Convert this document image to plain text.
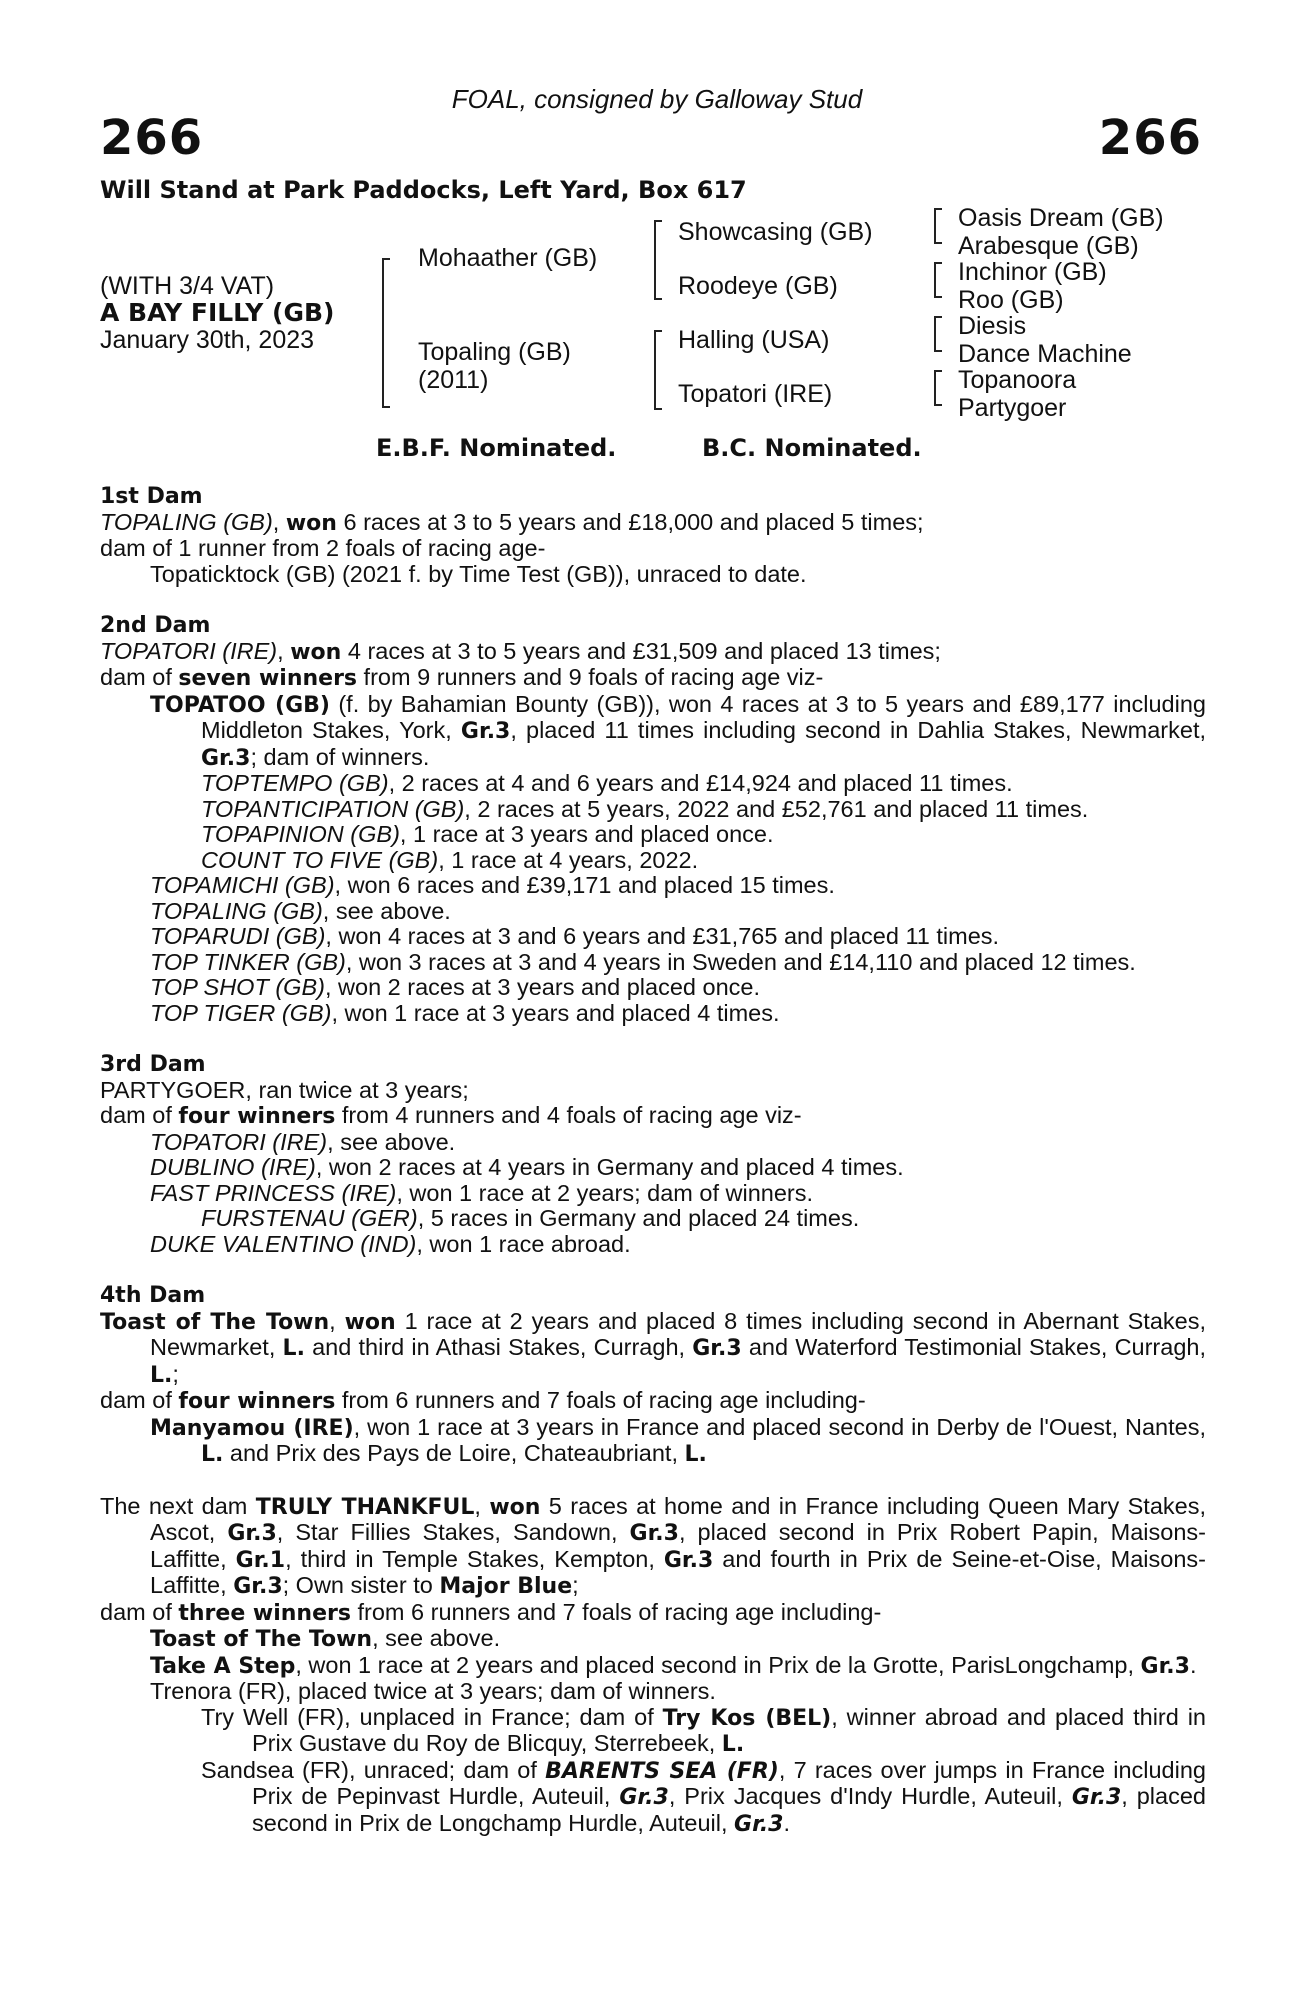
FOAL, consigned by Galloway Stud
266	266
Will Stand at Park Paddocks, Left Yard, Box 617
(WITH 3/4 VAT)
A BAY FILLY (GB)
January 30th, 2023
Mohaather (GB)
Topaling (GB)
(2011)
Showcasing (GB)
Roodeye (GB)
Halling (USA)
Topatori (IRE)
Oasis Dream (GB)
Arabesque (GB)
Inchinor (GB)
Roo (GB)
Diesis
Dance Machine
Topanoora
Partygoer
E.B.F. Nominated.	B.C. Nominated.

1st Dam

TOPALING (GB), won 6 races at 3 to 5 years and £18,000 and placed 5 times;

dam of 1 runner from 2 foals of racing age-

Topaticktock (GB) (2021 f. by Time Test (GB)), unraced to date.

2nd Dam

TOPATORI (IRE), won 4 races at 3 to 5 years and £31,509 and placed 13 times;

dam of seven winners from 9 runners and 9 foals of racing age viz-

TOPATOO (GB) (f. by Bahamian Bounty (GB)), won 4 races at 3 to 5 years and £89,177 including Middleton Stakes, York, Gr.3, placed 11 times including second in Dahlia Stakes, Newmarket, Gr.3; dam of winners.

TOPTEMPO (GB), 2 races at 4 and 6 years and £14,924 and placed 11 times.

TOPANTICIPATION (GB), 2 races at 5 years, 2022 and £52,761 and placed 11 times.

TOPAPINION (GB), 1 race at 3 years and placed once.

COUNT TO FIVE (GB), 1 race at 4 years, 2022.

TOPAMICHI (GB), won 6 races and £39,171 and placed 15 times.

TOPALING (GB), see above.

TOPARUDI (GB), won 4 races at 3 and 6 years and £31,765 and placed 11 times.

TOP TINKER (GB), won 3 races at 3 and 4 years in Sweden and £14,110 and placed 12 times.

TOP SHOT (GB), won 2 races at 3 years and placed once.

TOP TIGER (GB), won 1 race at 3 years and placed 4 times.

3rd Dam

PARTYGOER, ran twice at 3 years;

dam of four winners from 4 runners and 4 foals of racing age viz-

TOPATORI (IRE), see above.

DUBLINO (IRE), won 2 races at 4 years in Germany and placed 4 times.

FAST PRINCESS (IRE), won 1 race at 2 years; dam of winners.

FURSTENAU (GER), 5 races in Germany and placed 24 times.

DUKE VALENTINO (IND), won 1 race abroad.

4th Dam

Toast of The Town, won 1 race at 2 years and placed 8 times including second in Abernant Stakes, Newmarket, L. and third in Athasi Stakes, Curragh, Gr.3 and Waterford Testimonial Stakes, Curragh, L.;

dam of four winners from 6 runners and 7 foals of racing age including-

Manyamou (IRE), won 1 race at 3 years in France and placed second in Derby de l'Ouest, Nantes, L. and Prix des Pays de Loire, Chateaubriant, L.

The next dam TRULY THANKFUL, won 5 races at home and in France including Queen Mary Stakes, Ascot, Gr.3, Star Fillies Stakes, Sandown, Gr.3, placed second in Prix Robert Papin, Maisons-Laffitte, Gr.1, third in Temple Stakes, Kempton, Gr.3 and fourth in Prix de Seine-et-Oise, Maisons-Laffitte, Gr.3; Own sister to Major Blue;

dam of three winners from 6 runners and 7 foals of racing age including-

Toast of The Town, see above.

Take A Step, won 1 race at 2 years and placed second in Prix de la Grotte, ParisLongchamp, Gr.3.

Trenora (FR), placed twice at 3 years; dam of winners.

Try Well (FR), unplaced in France; dam of Try Kos (BEL), winner abroad and placed third in Prix Gustave du Roy de Blicquy, Sterrebeek, L.

Sandsea (FR), unraced; dam of BARENTS SEA (FR), 7 races over jumps in France including Prix de Pepinvast Hurdle, Auteuil, Gr.3, Prix Jacques d'Indy Hurdle, Auteuil, Gr.3, placed second in Prix de Longchamp Hurdle, Auteuil, Gr.3.
